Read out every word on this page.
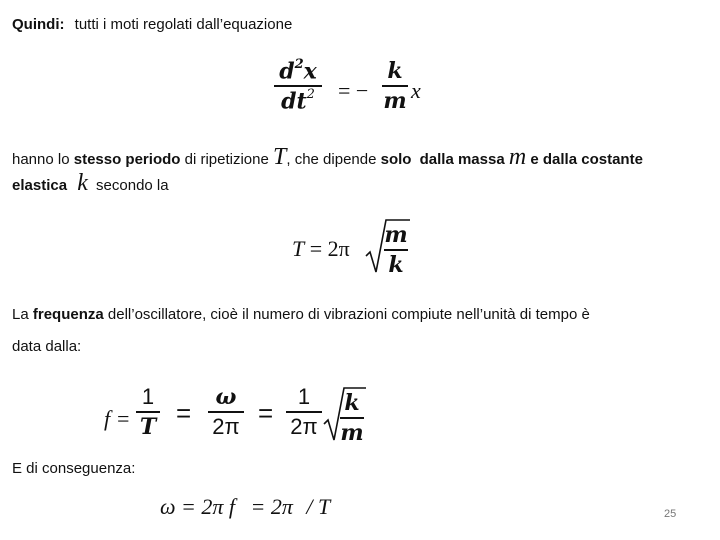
Quindi: tutti i moti regolati dall’equazione
$d^2x$
$dt^2$ = −
k
m x
hanno lo stesso periodo di ripetizione T, che dipende solo dalla massa m e dalla costante
elastica k secondo la
T = 2π
m
k
La frequenza dell’oscillatore, cioè il numero di vibrazioni compiute nell’unità di tempo è
data dalla:
f =
1
T =
ω
2π =
1
2π
k
m
E di conseguenza:
ω = 2π f = 2π / T	25
